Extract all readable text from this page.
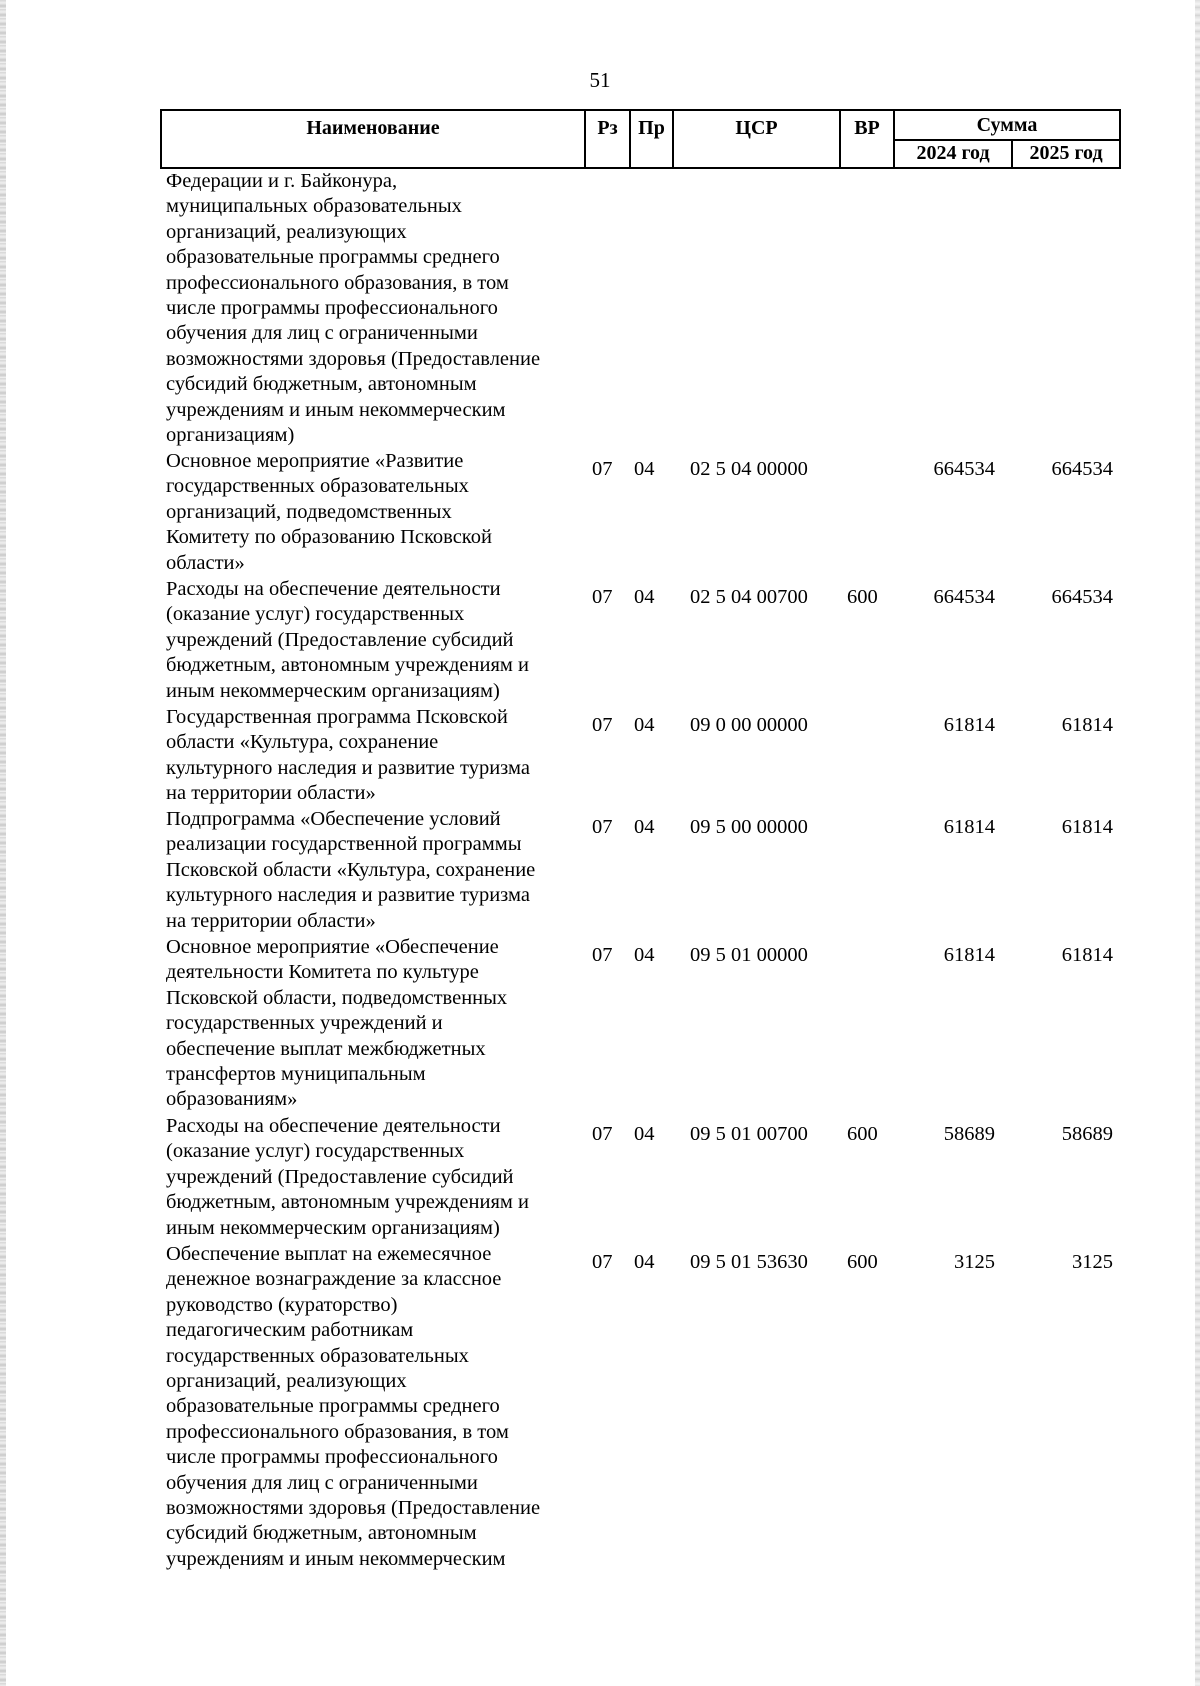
51
Наименование	Рз	Пр	ЦСР	ВР	Сумма
2024 год	2025 год
Федерации и г. Байконура,
муниципальных образовательных
организаций, реализующих
образовательные программы среднего
профессионального образования, в том
числе программы профессионального
обучения для лиц с ограниченными
возможностями здоровья (Предоставление
субсидий бюджетным, автономным
учреждениям и иным некоммерческим
организациям)
Основное мероприятие «Развитие
государственных образовательных
организаций, подведомственных
Комитету по образованию Псковской
области»
07 04 02 5 04 00000	664534	664534
Расходы на обеспечение деятельности
(оказание услуг) государственных
учреждений (Предоставление субсидий
бюджетным, автономным учреждениям и
иным некоммерческим организациям)
07 04 02 5 04 00700 600	664534	664534
Государственная программа Псковской
области «Культура, сохранение
культурного наследия и развитие туризма
на территории области»
07 04 09 0 00 00000	61814	61814
Подпрограмма «Обеспечение условий
реализации государственной программы
Псковской области «Культура, сохранение
культурного наследия и развитие туризма
на территории области»
07 04 09 5 00 00000	61814	61814
Основное мероприятие «Обеспечение
деятельности Комитета по культуре
Псковской области, подведомственных
государственных учреждений и
обеспечение выплат межбюджетных
трансфертов муниципальным
образованиям»
07 04 09 5 01 00000	61814	61814
Расходы на обеспечение деятельности
(оказание услуг) государственных
учреждений (Предоставление субсидий
бюджетным, автономным учреждениям и
иным некоммерческим организациям)
07 04 09 5 01 00700 600	58689	58689
Обеспечение выплат на ежемесячное
денежное вознаграждение за классное
руководство (кураторство)
педагогическим работникам
государственных образовательных
организаций, реализующих
образовательные программы среднего
профессионального образования, в том
числе программы профессионального
обучения для лиц с ограниченными
возможностями здоровья (Предоставление
субсидий бюджетным, автономным
учреждениям и иным некоммерческим
07 04 09 5 01 53630 600	3125	3125
